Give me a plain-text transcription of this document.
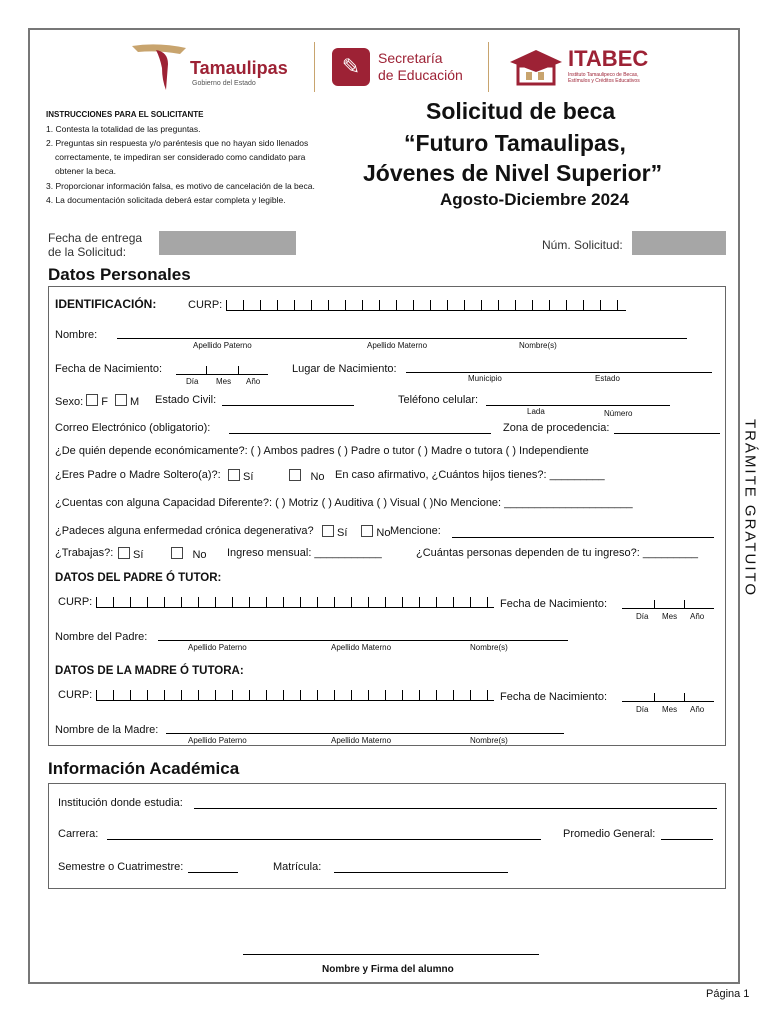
Tamaulipas
Gobierno del Estado
✎	Secretaría
de Educación
ITABEC
Instituto Tamaulipeco de Becas,
Estímulos y Créditos Educativos
INSTRUCCIONES PARA EL SOLICITANTE
1. Contesta la totalidad de las preguntas.
2. Preguntas sin respuesta y/o paréntesis que no hayan sido llenados
correctamente, te impediran ser considerado como candidato para
obtener la beca.
3. Proporcionar información falsa, es motivo de cancelación de la beca.
4. La documentación solicitada deberá estar completa y legible.
Solicitud de beca
“Futuro Tamaulipas,
Jóvenes de Nivel Superior”
Agosto-Diciembre 2024
Fecha de entrega
de la Solicitud:	Núm. Solicitud:
Datos Personales
IDENTIFICACIÓN:	CURP:
Nombre:
Apellido Paterno	Apellido Materno	Nombre(s)
Fecha de Nacimiento:
Día Mes Año
Lugar de Nacimiento:
Municipio	Estado
Sexo: F M Estado Civil:	Teléfono celular:
Lada	Número
Correo Electrónico (obligatorio):	Zona de procedencia:
¿De quién depende económicamente?: ( ) Ambos padres ( ) Padre o tutor ( ) Madre o tutora ( ) Independiente
¿Eres Padre o Madre Soltero(a)?:	Sí	No En caso afirmativo, ¿Cuántos hijos tienes?: _________
¿Cuentas con alguna Capacidad Diferente?: ( ) Motriz ( ) Auditiva ( ) Visual ( )No Mencione: _____________________
¿Padeces alguna enfermedad crónica degenerativa?	Sí	No Mencione:
¿Trabajas?:	Sí	No Ingreso mensual: ___________	¿Cuántas personas dependen de tu ingreso?: _________
DATOS DEL PADRE Ó TUTOR:
CURP:	Fecha de Nacimiento:
Día Mes Año
Nombre del Padre:
Apellido Paterno	Apellido Materno	Nombre(s)
DATOS DE LA MADRE Ó TUTORA:
CURP:	Fecha de Nacimiento:
Día Mes Año
Nombre de la Madre:
Apellido Paterno	Apellido Materno	Nombre(s)
Información Académica
Institución donde estudia:
Carrera:	Promedio General:
Semestre o Cuatrimestre:	Matrícula:
Nombre y Firma del alumno
TRÁMITE GRATUITO
Página 1
